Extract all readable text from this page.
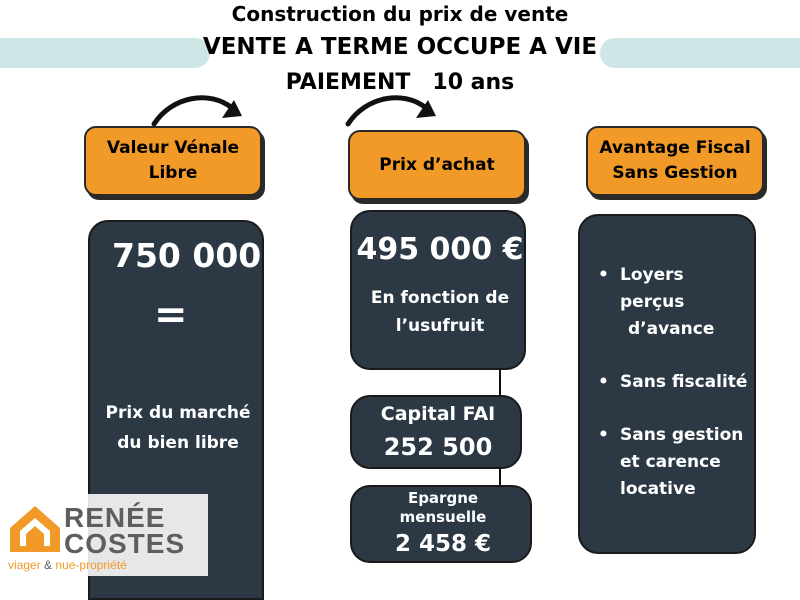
Construction du prix de vente
VENTE A TERME OCCUPE A VIE
PAIEMENT 10 ans
Valeur Vénale
Libre	Prix d’achat
Avantage Fiscal
Sans Gestion
750 000 €
=
Prix du marché
du bien libre
495 000 €
En fonction de
l’usufruit
Capital FAI
252 500
Epargne
mensuelle
2 458 €
• Loyers perçus
d’avance
• Sans fiscalité
• Sans gestion
et carence
locative
RENÉE
COSTES
viager & nue-propriété
